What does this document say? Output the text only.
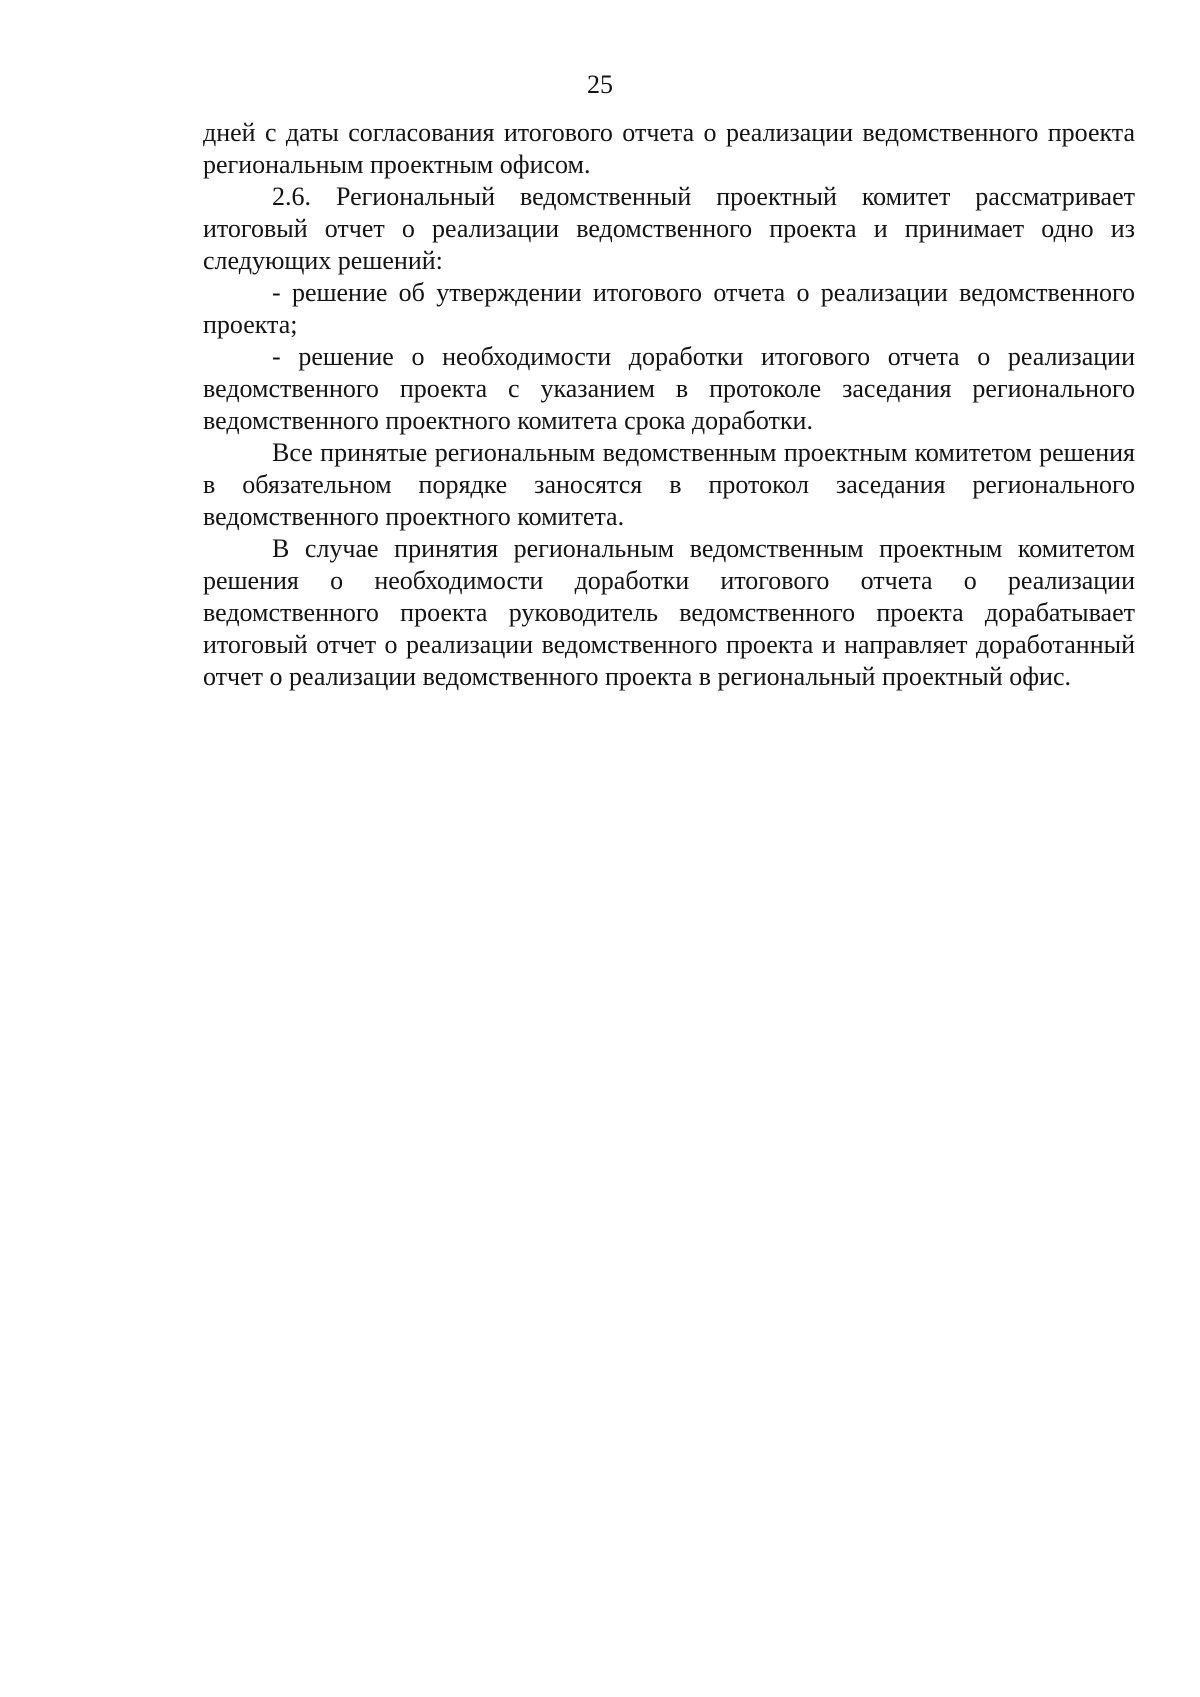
25

дней с даты согласования итогового отчета о реализации ведомственного проекта региональным проектным офисом.

2.6. Региональный ведомственный проектный комитет рассматривает итоговый отчет о реализации ведомственного проекта и принимает одно из следующих решений:

- решение об утверждении итогового отчета о реализации ведомственного проекта;

- решение о необходимости доработки итогового отчета о реализации ведомственного проекта с указанием в протоколе заседания регионального ведомственного проектного комитета срока доработки.

Все принятые региональным ведомственным проектным комитетом решения в обязательном порядке заносятся в протокол заседания регионального ведомственного проектного комитета.

В случае принятия региональным ведомственным проектным комитетом решения о необходимости доработки итогового отчета о реализации ведомственного проекта руководитель ведомственного проекта дорабатывает итоговый отчет о реализации ведомственного проекта и направляет доработанный отчет о реализации ведомственного проекта в региональный проектный офис.
